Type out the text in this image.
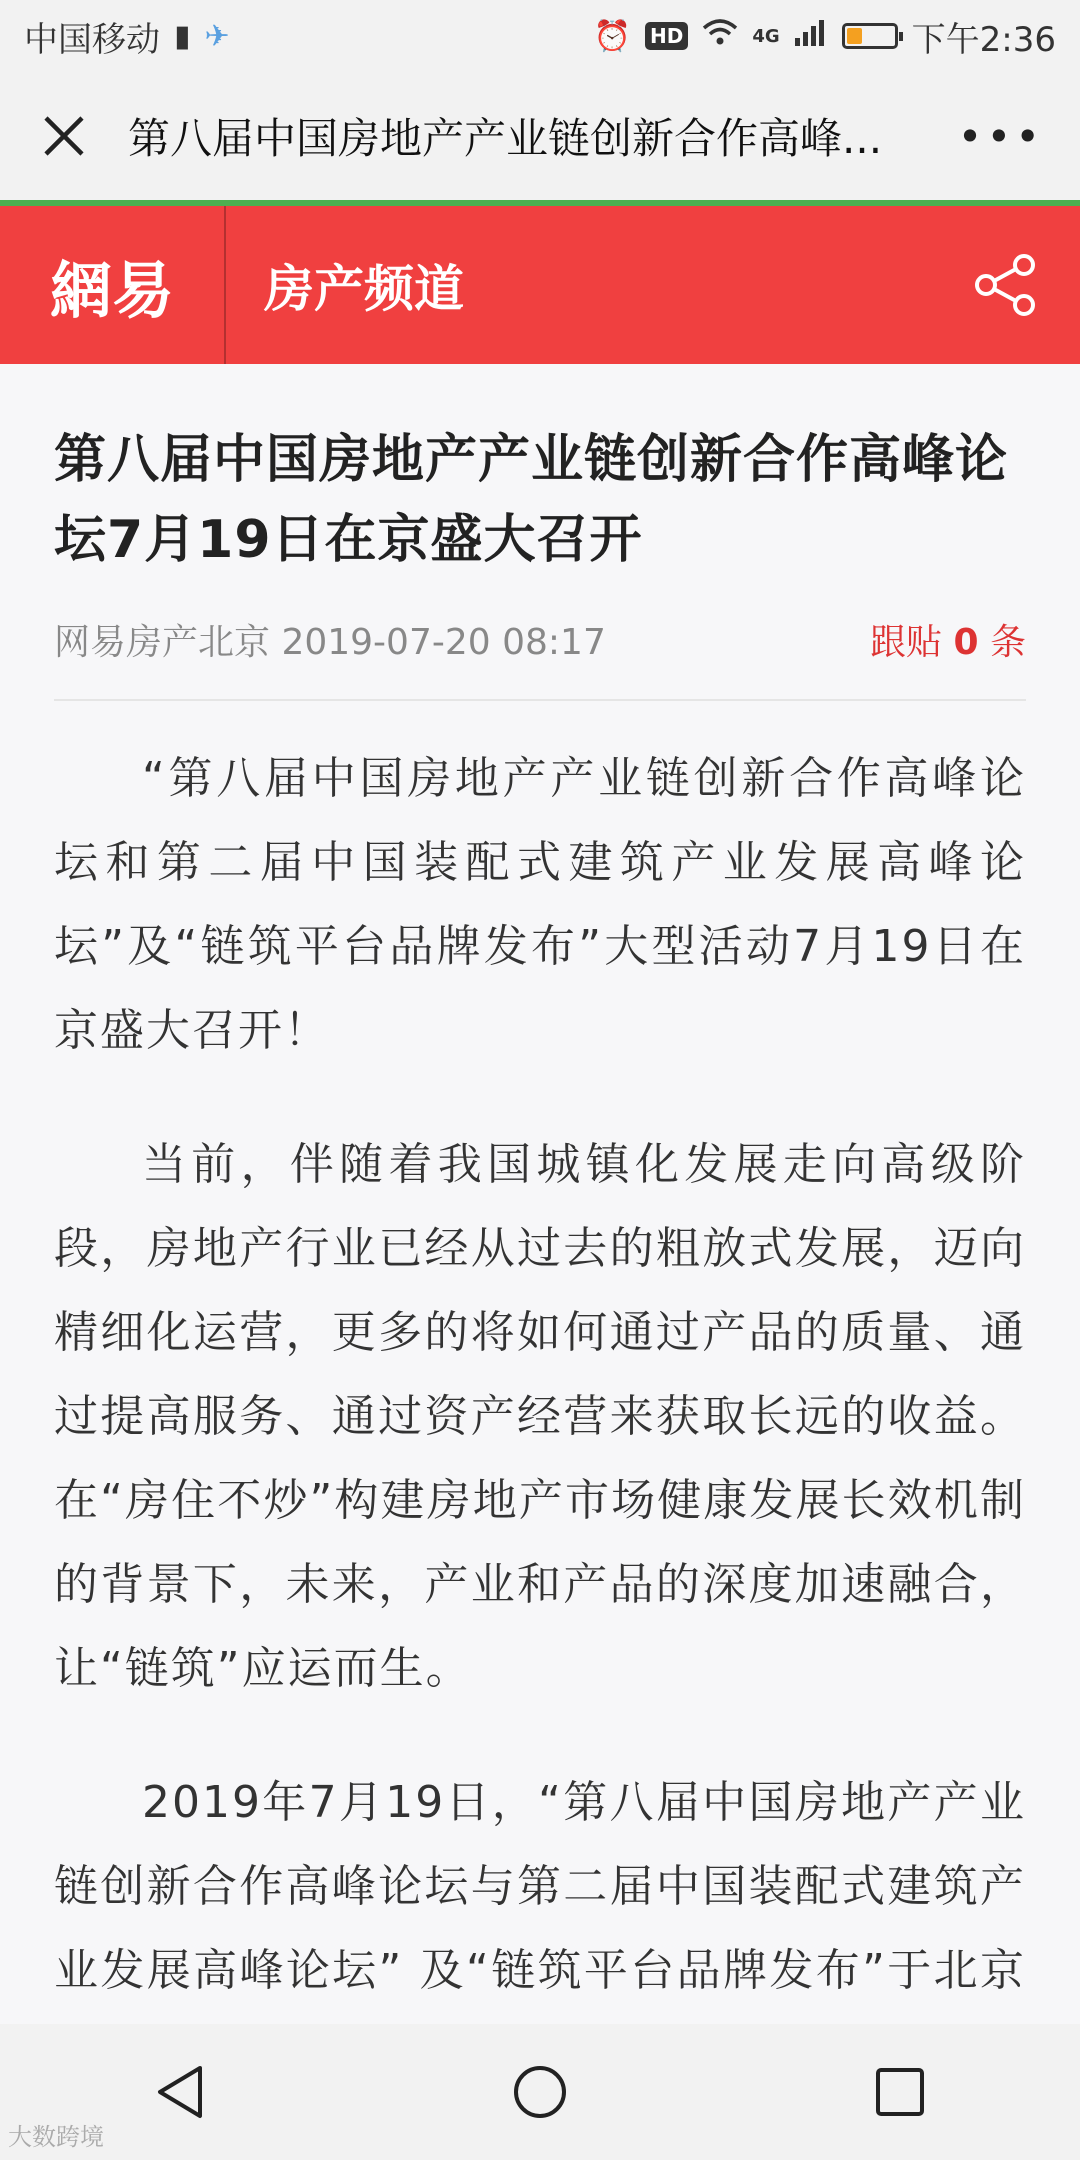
中国移动 ▮ ✈	⏰ HD	4G	下午2:36
第八届中国房地产产业链创新合作高峰...	•••
網易	房产频道
第八届中国房地产产业链创新合作高峰论坛7月19日在京盛大召开
网易房产北京 2019-07-20 08:17	跟贴 0 条

“第八届中国房地产产业链创新合作高峰论坛和第二届中国装配式建筑产业发展高峰论坛”及“链筑平台品牌发布”大型活动7月19日在京盛大召开！

当前，伴随着我国城镇化发展走向高级阶段，房地产行业已经从过去的粗放式发展，迈向精细化运营，更多的将如何通过产品的质量、通过提高服务、通过资产经营来获取长远的收益。在“房住不炒”构建房地产市场健康发展长效机制的背景下，未来，产业和产品的深度加速融合，让“链筑”应运而生。

2019年7月19日，“第八届中国房地产产业链创新合作高峰论坛与第二届中国装配式建筑产业发展高峰论坛” 及“链筑平台品牌发布”于北京

大数跨境
